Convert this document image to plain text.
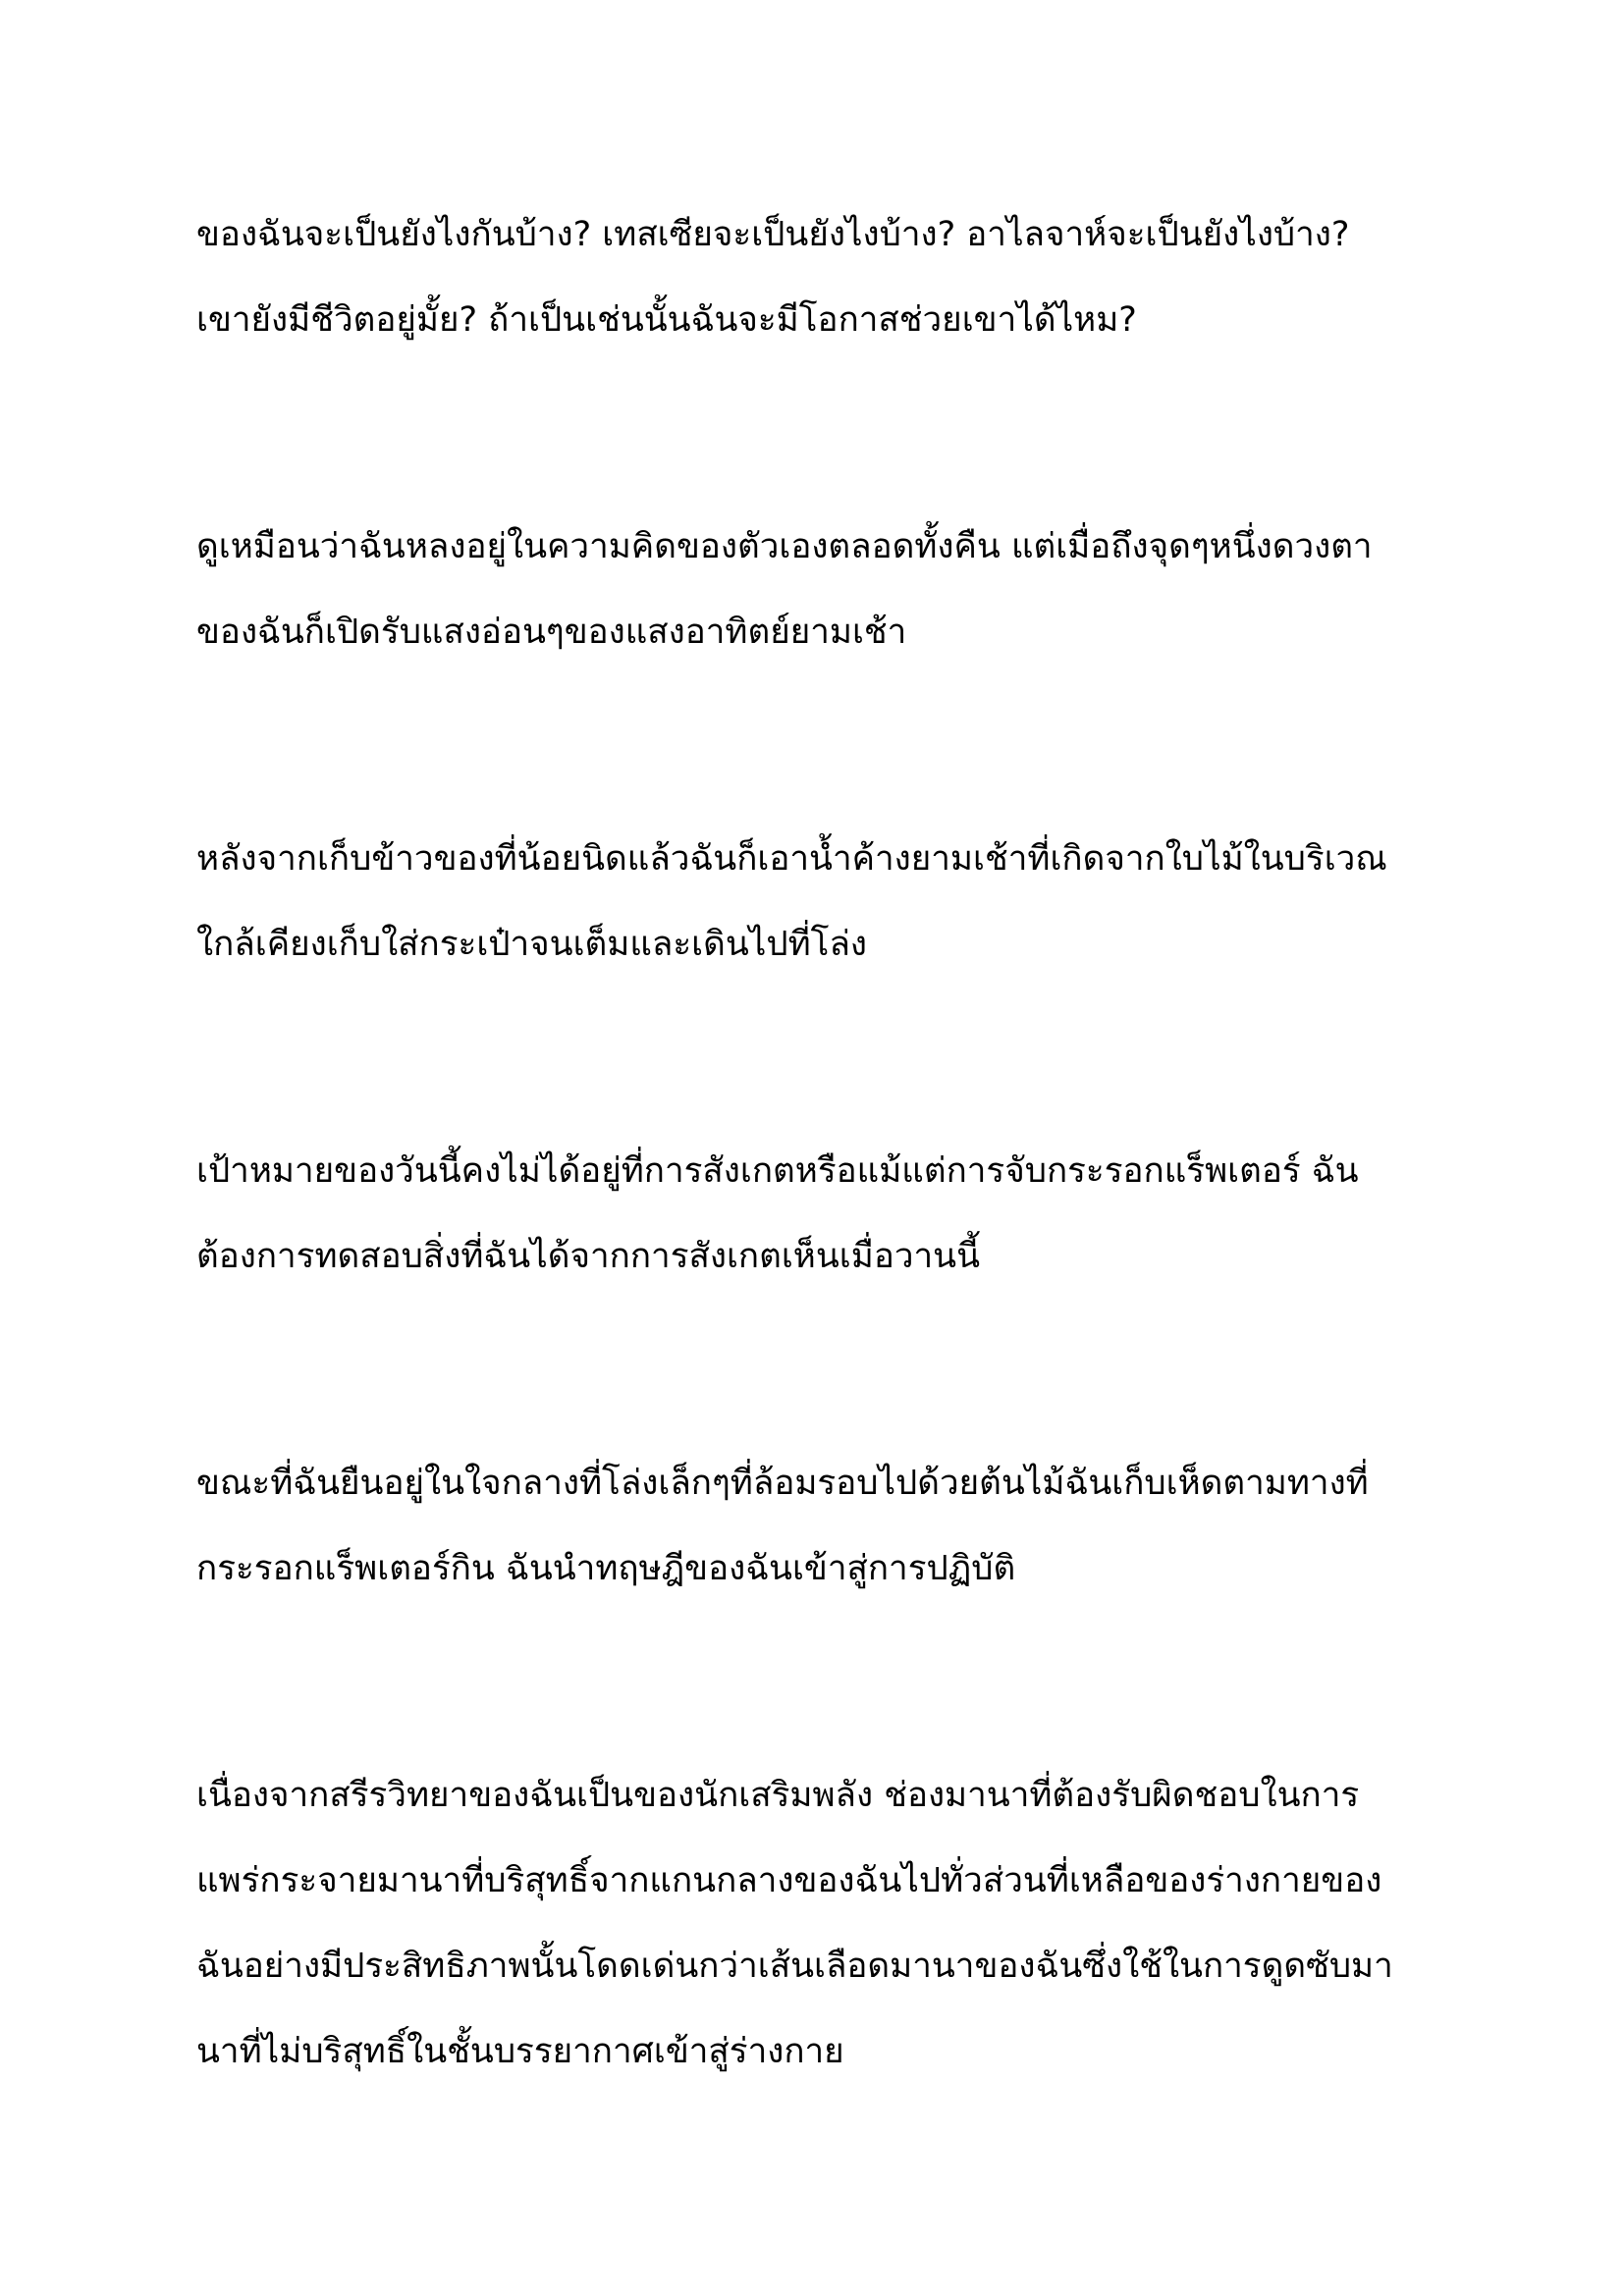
ของฉันจะเป็นยังไงกันบ้าง? เทสเซียจะเป็นยังไงบ้าง? อาไลจาห์จะเป็นยังไงบ้าง?
เขายังมีชีวิตอยู่มั้ย? ถ้าเป็นเช่นนั้นฉันจะมีโอกาสช่วยเขาได้ไหม?

ดูเหมือนว่าฉันหลงอยู่ในความคิดของตัวเองตลอดทั้งคืน แต่เมื่อถึงจุดๆหนึ่งดวงตา
ของฉันก็เปิดรับแสงอ่อนๆของแสงอาทิตย์ยามเช้า

หลังจากเก็บข้าวของที่น้อยนิดแล้วฉันก็เอาน้ำค้างยามเช้าที่เกิดจากใบไม้ในบริเวณ
ใกล้เคียงเก็บใส่กระเป๋าจนเต็มและเดินไปที่โล่ง

เป้าหมายของวันนี้คงไม่ได้อยู่ที่การสังเกตหรือแม้แต่การจับกระรอกแร็พเตอร์ ฉัน
ต้องการทดสอบสิ่งที่ฉันได้จากการสังเกตเห็นเมื่อวานนี้

ขณะที่ฉันยืนอยู่ในใจกลางที่โล่งเล็กๆที่ล้อมรอบไปด้วยต้นไม้ฉันเก็บเห็ดตามทางที่
กระรอกแร็พเตอร์กิน ฉันนำทฤษฎีของฉันเข้าสู่การปฏิบัติ

เนื่องจากสรีรวิทยาของฉันเป็นของนักเสริมพลัง ช่องมานาที่ต้องรับผิดชอบในการ
แพร่กระจายมานาที่บริสุทธิ์จากแกนกลางของฉันไปทั่วส่วนที่เหลือของร่างกายของ
ฉันอย่างมีประสิทธิภาพนั้นโดดเด่นกว่าเส้นเลือดมานาของฉันซึ่งใช้ในการดูดซับมา
นาที่ไม่บริสุทธิ์ในชั้นบรรยากาศเข้าสู่ร่างกาย
